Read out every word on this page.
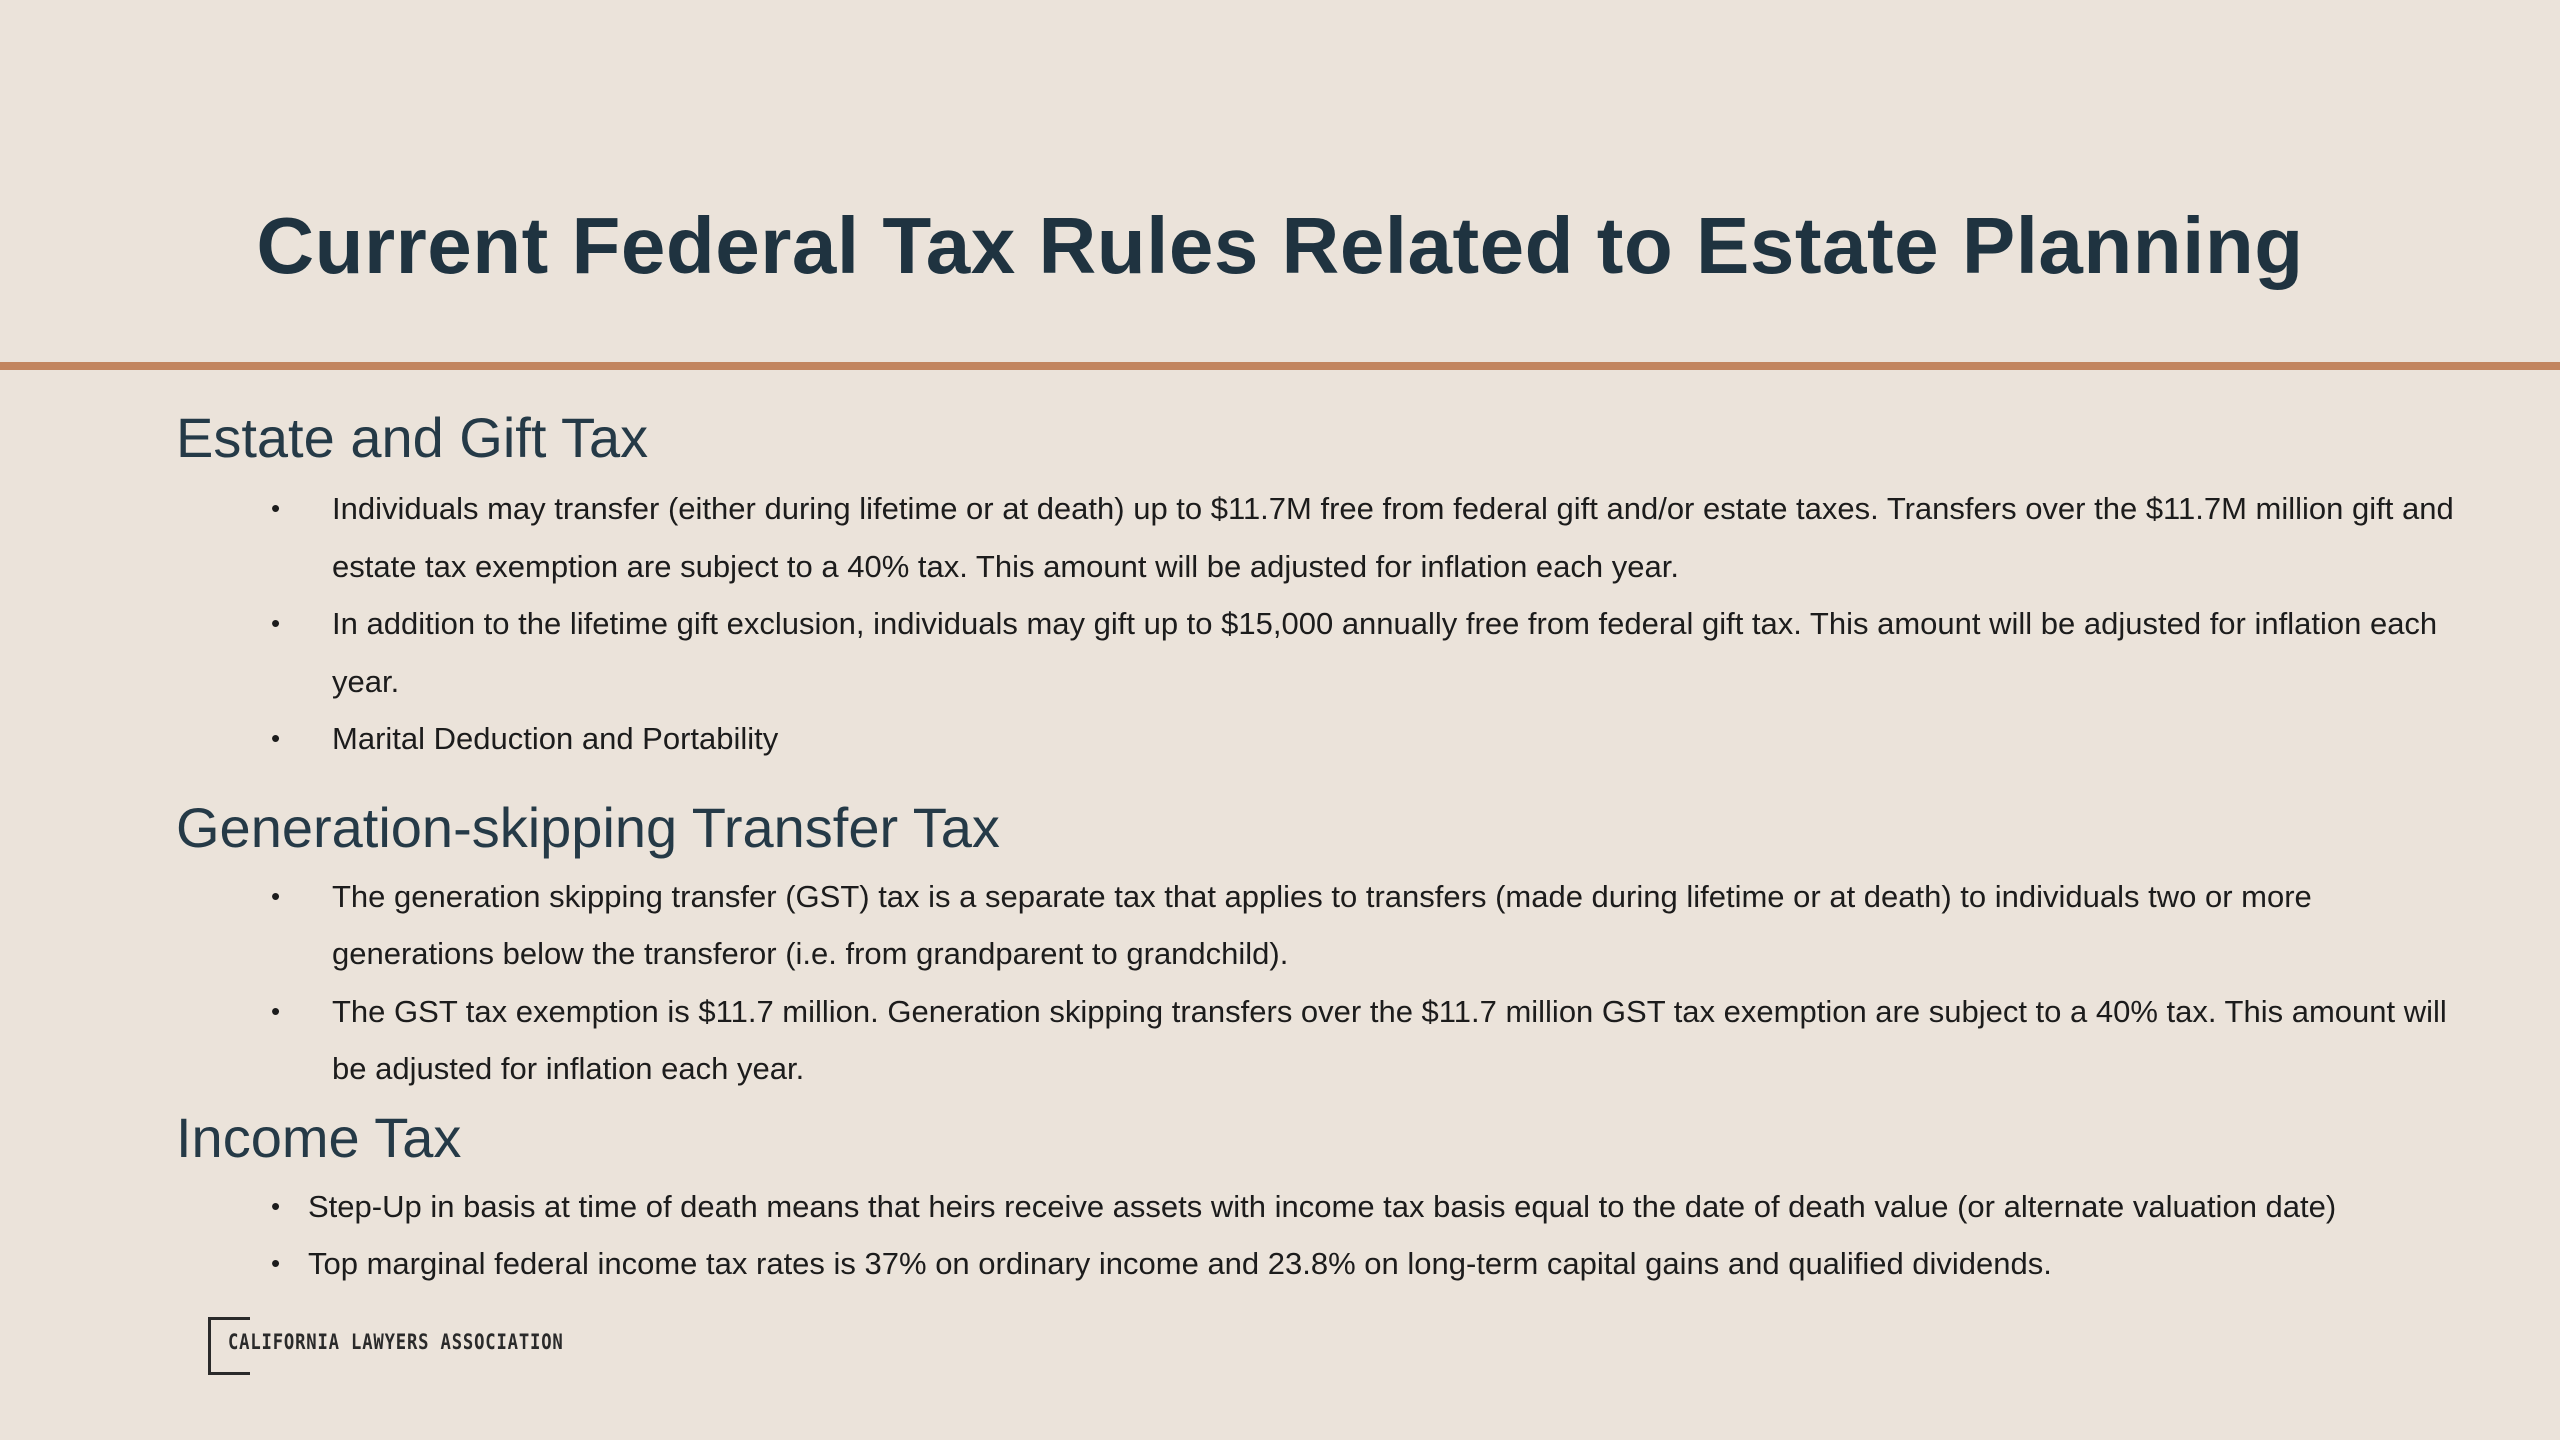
Current Federal Tax Rules Related to Estate Planning
Estate and Gift Tax
• Individuals may transfer (either during lifetime or at death) up to $11.7M free from federal gift and/or estate taxes. Transfers over the $11.7M million gift and estate tax exemption are subject to a 40% tax. This amount will be adjusted for inflation each year.
• In addition to the lifetime gift exclusion, individuals may gift up to $15,000 annually free from federal gift tax. This amount will be adjusted for inflation each year.
• Marital Deduction and Portability
Generation-skipping Transfer Tax
• The generation skipping transfer (GST) tax is a separate tax that applies to transfers (made during lifetime or at death) to individuals two or more generations below the transferor (i.e. from grandparent to grandchild).
• The GST tax exemption is $11.7 million. Generation skipping transfers over the $11.7 million GST tax exemption are subject to a 40% tax. This amount will be adjusted for inflation each year.
Income Tax
• Step-Up in basis at time of death means that heirs receive assets with income tax basis equal to the date of death value (or alternate valuation date)
• Top marginal federal income tax rates is 37% on ordinary income and 23.8% on long-term capital gains and qualified dividends.
CALIFORNIA LAWYERS ASSOCIATION
